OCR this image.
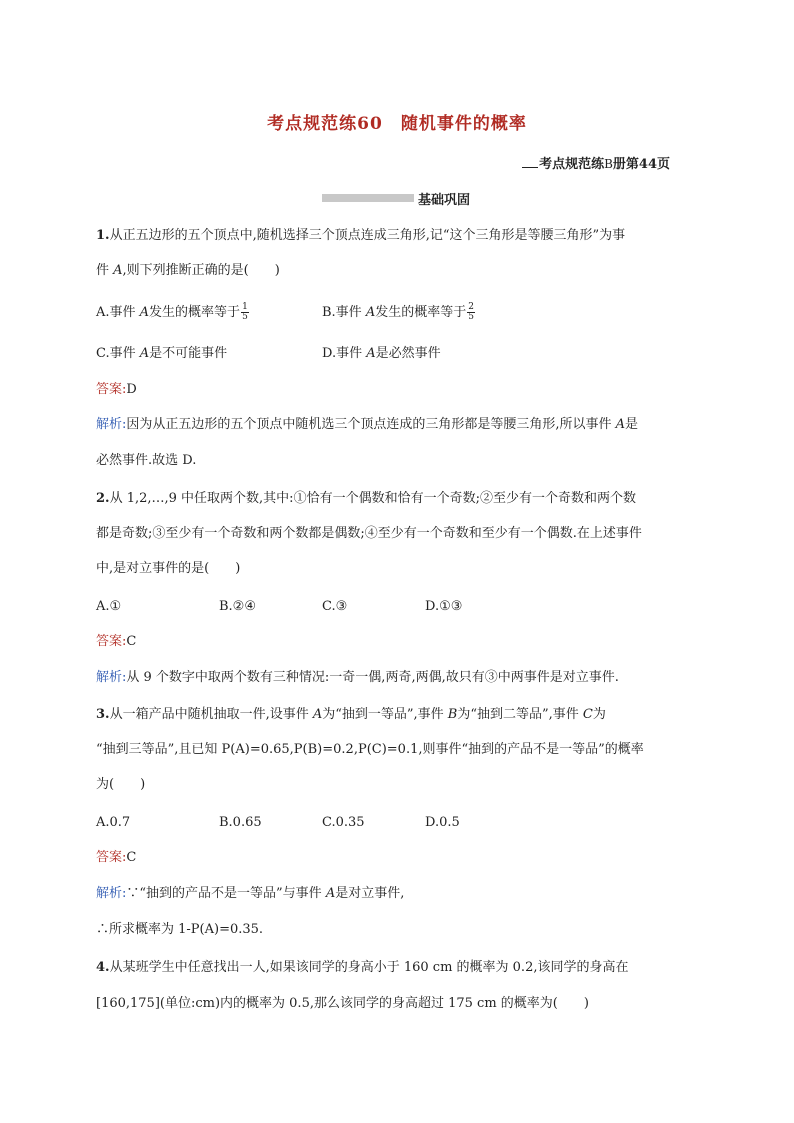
考点规范练60 随机事件的概率
考点规范练B册第44页
基础巩固
1.从正五边形的五个顶点中,随机选择三个顶点连成三角形,记“这个三角形是等腰三角形”为事
件 A,则下列推断正确的是(　　)
A.事件 A发生的概率等于 $\frac{1}{5}$	B.事件 A发生的概率等于 $\frac{2}{5}$
C.事件 A是不可能事件	D.事件 A是必然事件
答案:D
解析:因为从正五边形的五个顶点中随机选三个顶点连成的三角形都是等腰三角形,所以事件 A是
必然事件.故选 D.
2.从 1,2,…,9 中任取两个数,其中:①恰有一个偶数和恰有一个奇数;②至少有一个奇数和两个数
都是奇数;③至少有一个奇数和两个数都是偶数;④至少有一个奇数和至少有一个偶数.在上述事件
中,是对立事件的是(　　)
A.①	B.②④	C.③	D.①③
答案:C
解析:从 9 个数字中取两个数有三种情况:一奇一偶,两奇,两偶,故只有③中两事件是对立事件.
3.从一箱产品中随机抽取一件,设事件 A为“抽到一等品”,事件 B为“抽到二等品”,事件 C为
“抽到三等品”,且已知 P(A)=0.65,P(B)=0.2,P(C)=0.1,则事件“抽到的产品不是一等品”的概率
为(　　)
A.0.7	B.0.65	C.0.35	D.0.5
答案:C
解析:∵“抽到的产品不是一等品”与事件 A是对立事件,
∴所求概率为 1-P(A)=0.35.
4.从某班学生中任意找出一人,如果该同学的身高小于 160 cm 的概率为 0.2,该同学的身高在
[160,175](单位:cm)内的概率为 0.5,那么该同学的身高超过 175 cm 的概率为(　　)
